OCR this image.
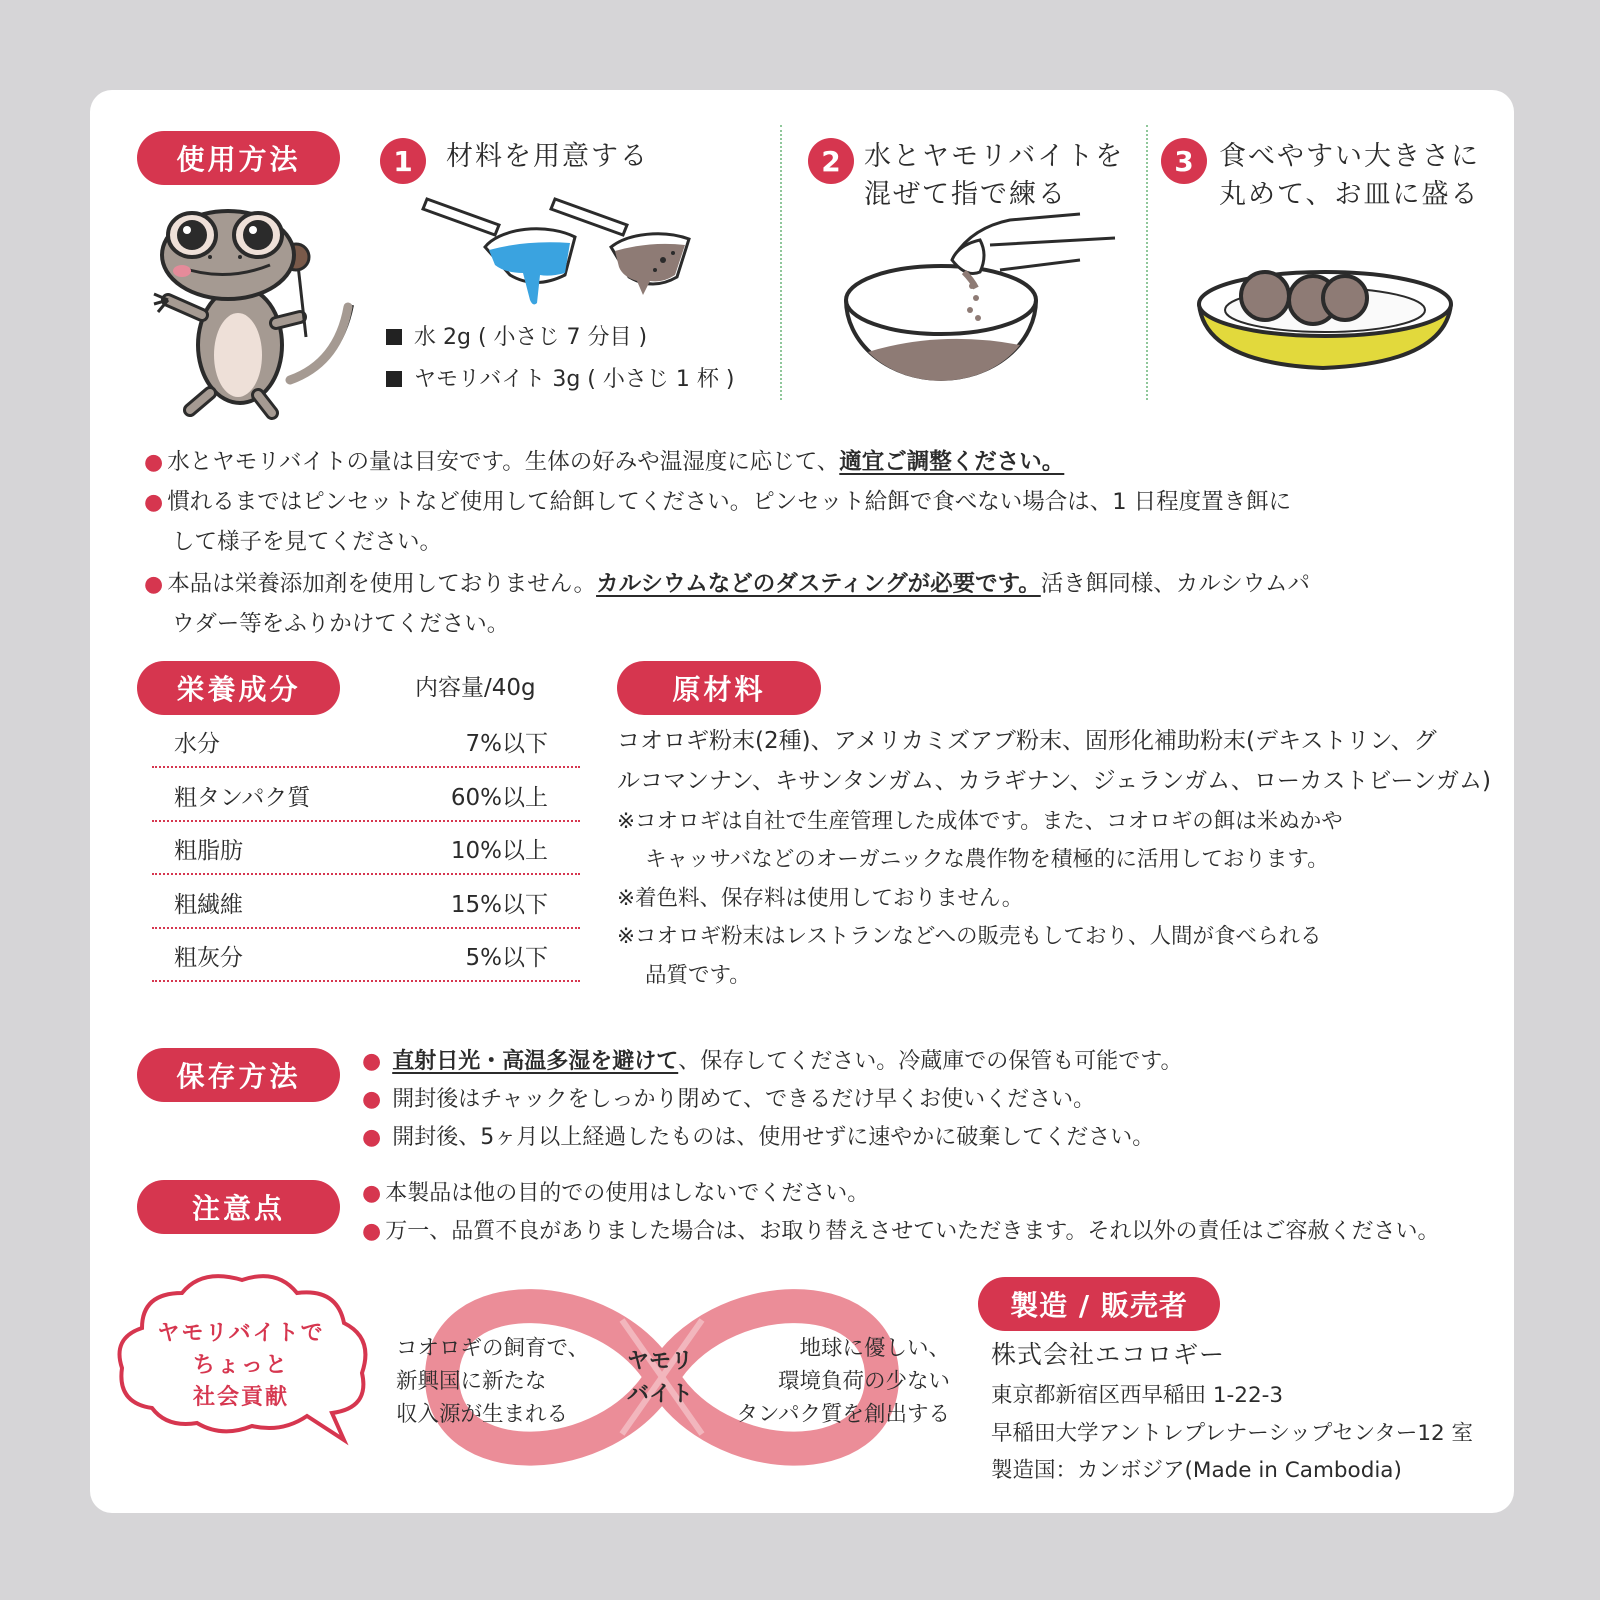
使用方法	1	材料を用意する
水 2g ( 小さじ 7 分目 )
ヤモリバイト 3g ( 小さじ 1 杯 )
2 水とヤモリバイトを
混ぜて指で練る
3 食べやすい大きさに
丸めて、お皿に盛る
● 水とヤモリバイトの量は目安です。生体の好みや温湿度に応じて、適宜ご調整ください。
● 慣れるまではピンセットなど使用して給餌してください。ピンセット給餌で食べない場合は、1 日程度置き餌に
して様子を見てください。
● 本品は栄養添加剤を使用しておりません。カルシウムなどのダスティングが必要です。活き餌同様、カルシウムパ
ウダー等をふりかけてください。
栄養成分	内容量/40g
水分	7%以下
粗タンパク質	60%以上
粗脂肪	10%以上
粗繊維	15%以下
粗灰分	5%以下
原材料
コオロギ粉末(2種)、アメリカミズアブ粉末、固形化補助粉末(デキストリン、グ
ルコマンナン、キサンタンガム、カラギナン、ジェランガム、ローカストビーンガム)
※コオロギは自社で生産管理した成体です。また、コオロギの餌は米ぬかや
キャッサバなどのオーガニックな農作物を積極的に活用しております。
※着色料、保存料は使用しておりません。
※コオロギ粉末はレストランなどへの販売もしており、人間が食べられる
品質です。
保存方法	● 直射日光・高温多湿を避けて、保存してください。冷蔵庫での保管も可能です。
● 開封後はチャックをしっかり閉めて、できるだけ早くお使いください。
● 開封後、5ヶ月以上経過したものは、使用せずに速やかに破棄してください。
注意点	● 本製品は他の目的での使用はしないでください。
● 万一、品質不良がありました場合は、お取り替えさせていただきます。それ以外の責任はご容赦ください。
ヤモリバイトで
ちょっと
社会貢献
コオロギの飼育で、
新興国に新たな
収入源が生まれる
ヤモリ
バイト
地球に優しい、
環境負荷の少ない
タンパク質を創出する
製造 / 販売者
株式会社エコロギー
東京都新宿区西早稲田 1-22-3
早稲田大学アントレプレナーシップセンター12 室
製造国：カンボジア(Made in Cambodia)
